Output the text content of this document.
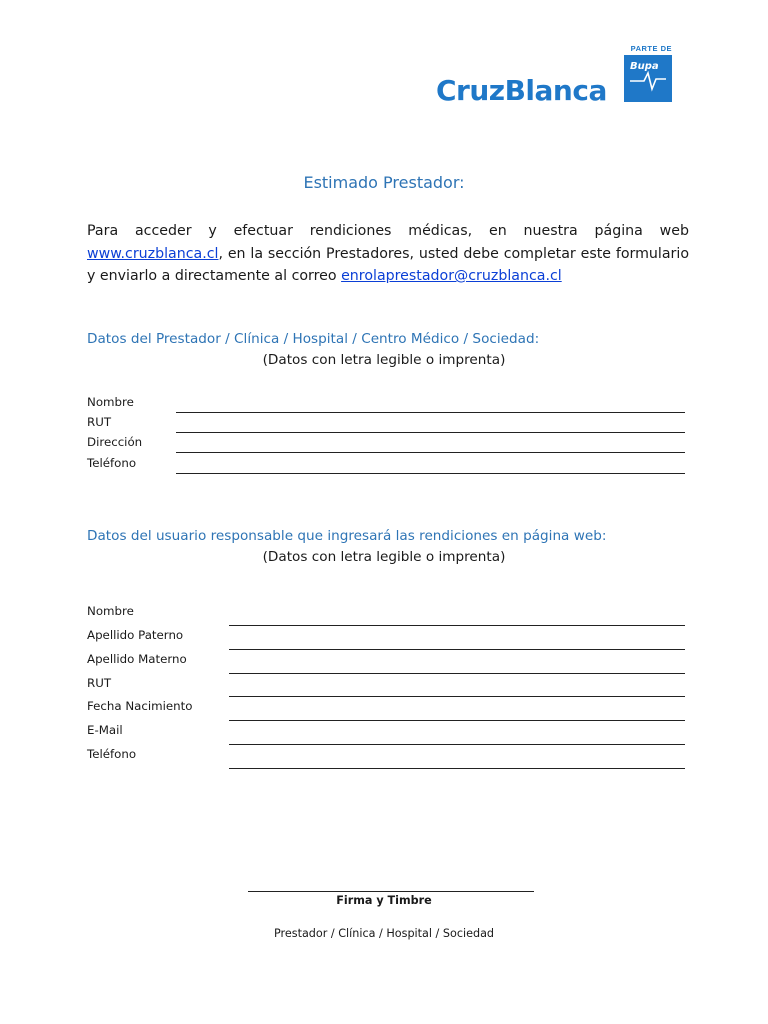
CruzBlanca
PARTE DE
Bupa
Estimado Prestador:
Para acceder y efectuar rendiciones médicas, en nuestra página web www.cruzblanca.cl, en la sección Prestadores, usted debe completar este formulario y enviarlo a directamente al correo enrolaprestador@cruzblanca.cl
Datos del Prestador / Clínica / Hospital / Centro Médico / Sociedad:
(Datos con letra legible o imprenta)
Nombre
RUT
Dirección
Teléfono
Datos del usuario responsable que ingresará las rendiciones en página web:
(Datos con letra legible o imprenta)
Nombre
Apellido Paterno
Apellido Materno
RUT
Fecha Nacimiento
E-Mail
Teléfono
Firma y Timbre
Prestador / Clínica / Hospital / Sociedad
